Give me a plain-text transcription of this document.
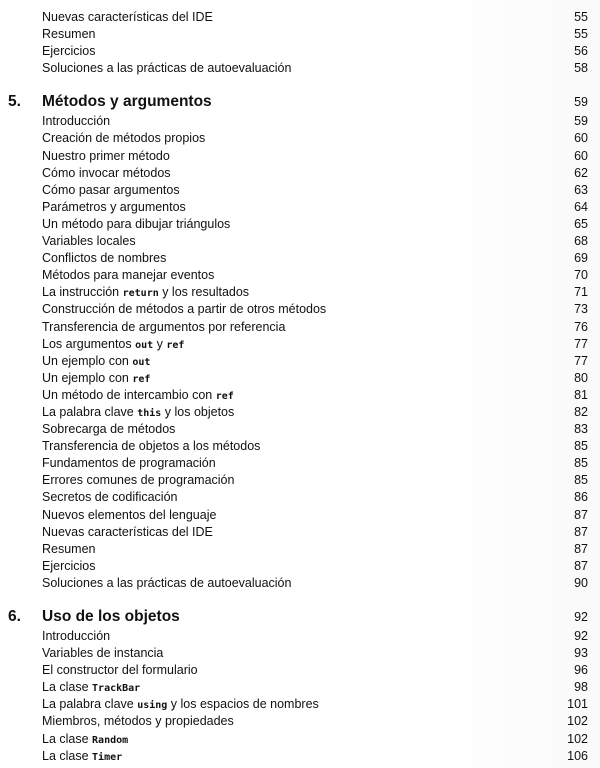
Nuevas características del IDE	55
Resumen	55
Ejercicios	56
Soluciones a las prácticas de autoevaluación	58
5. Métodos y argumentos	59
Introducción	59
Creación de métodos propios	60
Nuestro primer método	60
Cómo invocar métodos	62
Cómo pasar argumentos	63
Parámetros y argumentos	64
Un método para dibujar triángulos	65
Variables locales	68
Conflictos de nombres	69
Métodos para manejar eventos	70
La instrucción return y los resultados	71
Construcción de métodos a partir de otros métodos	73
Transferencia de argumentos por referencia	76
Los argumentos out y ref	77
Un ejemplo con out	77
Un ejemplo con ref	80
Un método de intercambio con ref	81
La palabra clave this y los objetos	82
Sobrecarga de métodos	83
Transferencia de objetos a los métodos	85
Fundamentos de programación	85
Errores comunes de programación	85
Secretos de codificación	86
Nuevos elementos del lenguaje	87
Nuevas características del IDE	87
Resumen	87
Ejercicios	87
Soluciones a las prácticas de autoevaluación	90
6. Uso de los objetos	92
Introducción	92
Variables de instancia	93
El constructor del formulario	96
La clase TrackBar	98
La palabra clave using y los espacios de nombres	101
Miembros, métodos y propiedades	102
La clase Random	102
La clase Timer	106
